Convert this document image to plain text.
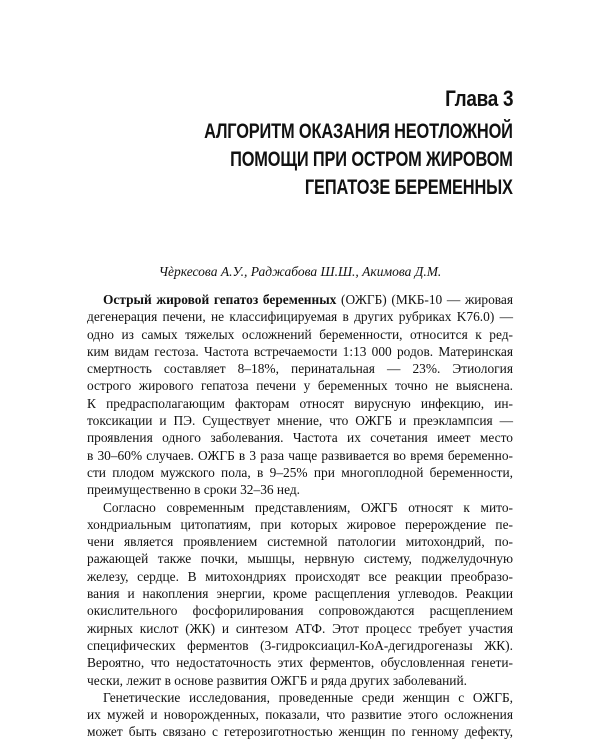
Глава 3
АЛГОРИТМ ОКАЗАНИЯ НЕОТЛОЖНОЙ
ПОМОЩИ ПРИ ОСТРОМ ЖИРОВОМ
ГЕПАТОЗЕ БЕРЕМЕННЫХ
Чèркесова А.У., Раджабова Ш.Ш., Акимова Д.М.
Острый жировой гепатоз беременных (ОЖГБ) (МКБ-10 — жировая
дегенерация печени, не классифицируемая в других рубриках K76.0) —
одно из самых тяжелых осложнений беременности, относится к ред-
ким видам гестоза. Частота встречаемости 1:13 000 родов. Материнская
смертность составляет 8–18%, перинатальная — 23%. Этиология
острого жирового гепатоза печени у беременных точно не выяснена.
К предрасполагающим факторам относят вирусную инфекцию, ин-
токсикации и ПЭ. Существует мнение, что ОЖГБ и преэклампсия —
проявления одного заболевания. Частота их сочетания имеет место
в 30–60% случаев. ОЖГБ в 3 раза чаще развивается во время беременно-
сти плодом мужского пола, в 9–25% при многоплодной беременности,
преимущественно в сроки 32–36 нед.
Согласно современным представлениям, ОЖГБ относят к мито-
хондриальным цитопатиям, при которых жировое перерождение пе-
чени является проявлением системной патологии митохондрий, по-
ражающей также почки, мышцы, нервную систему, поджелудочную
железу, сердце. В митохондриях происходят все реакции преобразо-
вания и накопления энергии, кроме расщепления углеводов. Реакции
окислительного фосфорилирования сопровождаются расщеплением
жирных кислот (ЖК) и синтезом АТФ. Этот процесс требует участия
специфических ферментов (3-гидроксиацил-КоА-дегидрогеназы ЖК).
Вероятно, что недостаточность этих ферментов, обусловленная генети-
чески, лежит в основе развития ОЖГБ и ряда других заболеваний.
Генетические исследования, проведенные среди женщин с ОЖГБ,
их мужей и новорожденных, показали, что развитие этого осложнения
может быть связано с гетерозиготностью женщин по генному дефекту,
